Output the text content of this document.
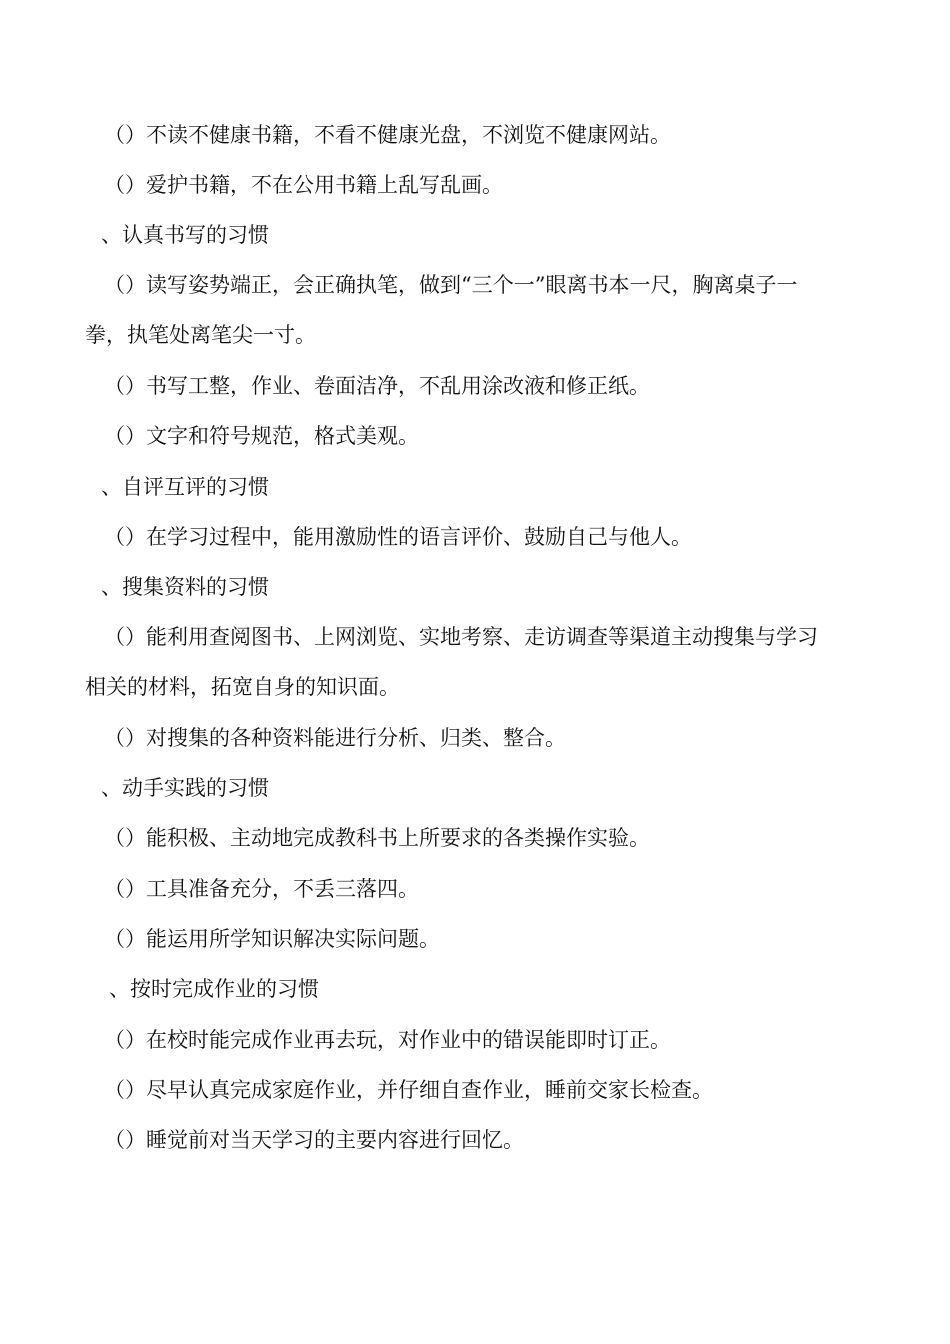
（）不读不健康书籍，不看不健康光盘，不浏览不健康网站。
（）爱护书籍，不在公用书籍上乱写乱画。
、认真书写的习惯
（）读写姿势端正，会正确执笔，做到“三个一”眼离书本一尺，胸离桌子一
拳，执笔处离笔尖一寸。
（）书写工整，作业、卷面洁净，不乱用涂改液和修正纸。
（）文字和符号规范，格式美观。
、自评互评的习惯
（）在学习过程中，能用激励性的语言评价、鼓励自己与他人。
、搜集资料的习惯
（）能利用查阅图书、上网浏览、实地考察、走访调查等渠道主动搜集与学习
相关的材料，拓宽自身的知识面。
（）对搜集的各种资料能进行分析、归类、整合。
、动手实践的习惯
（）能积极、主动地完成教科书上所要求的各类操作实验。
（）工具准备充分，不丢三落四。
（）能运用所学知识解决实际问题。
、按时完成作业的习惯
（）在校时能完成作业再去玩，对作业中的错误能即时订正。
（）尽早认真完成家庭作业，并仔细自查作业，睡前交家长检查。
（）睡觉前对当天学习的主要内容进行回忆。
